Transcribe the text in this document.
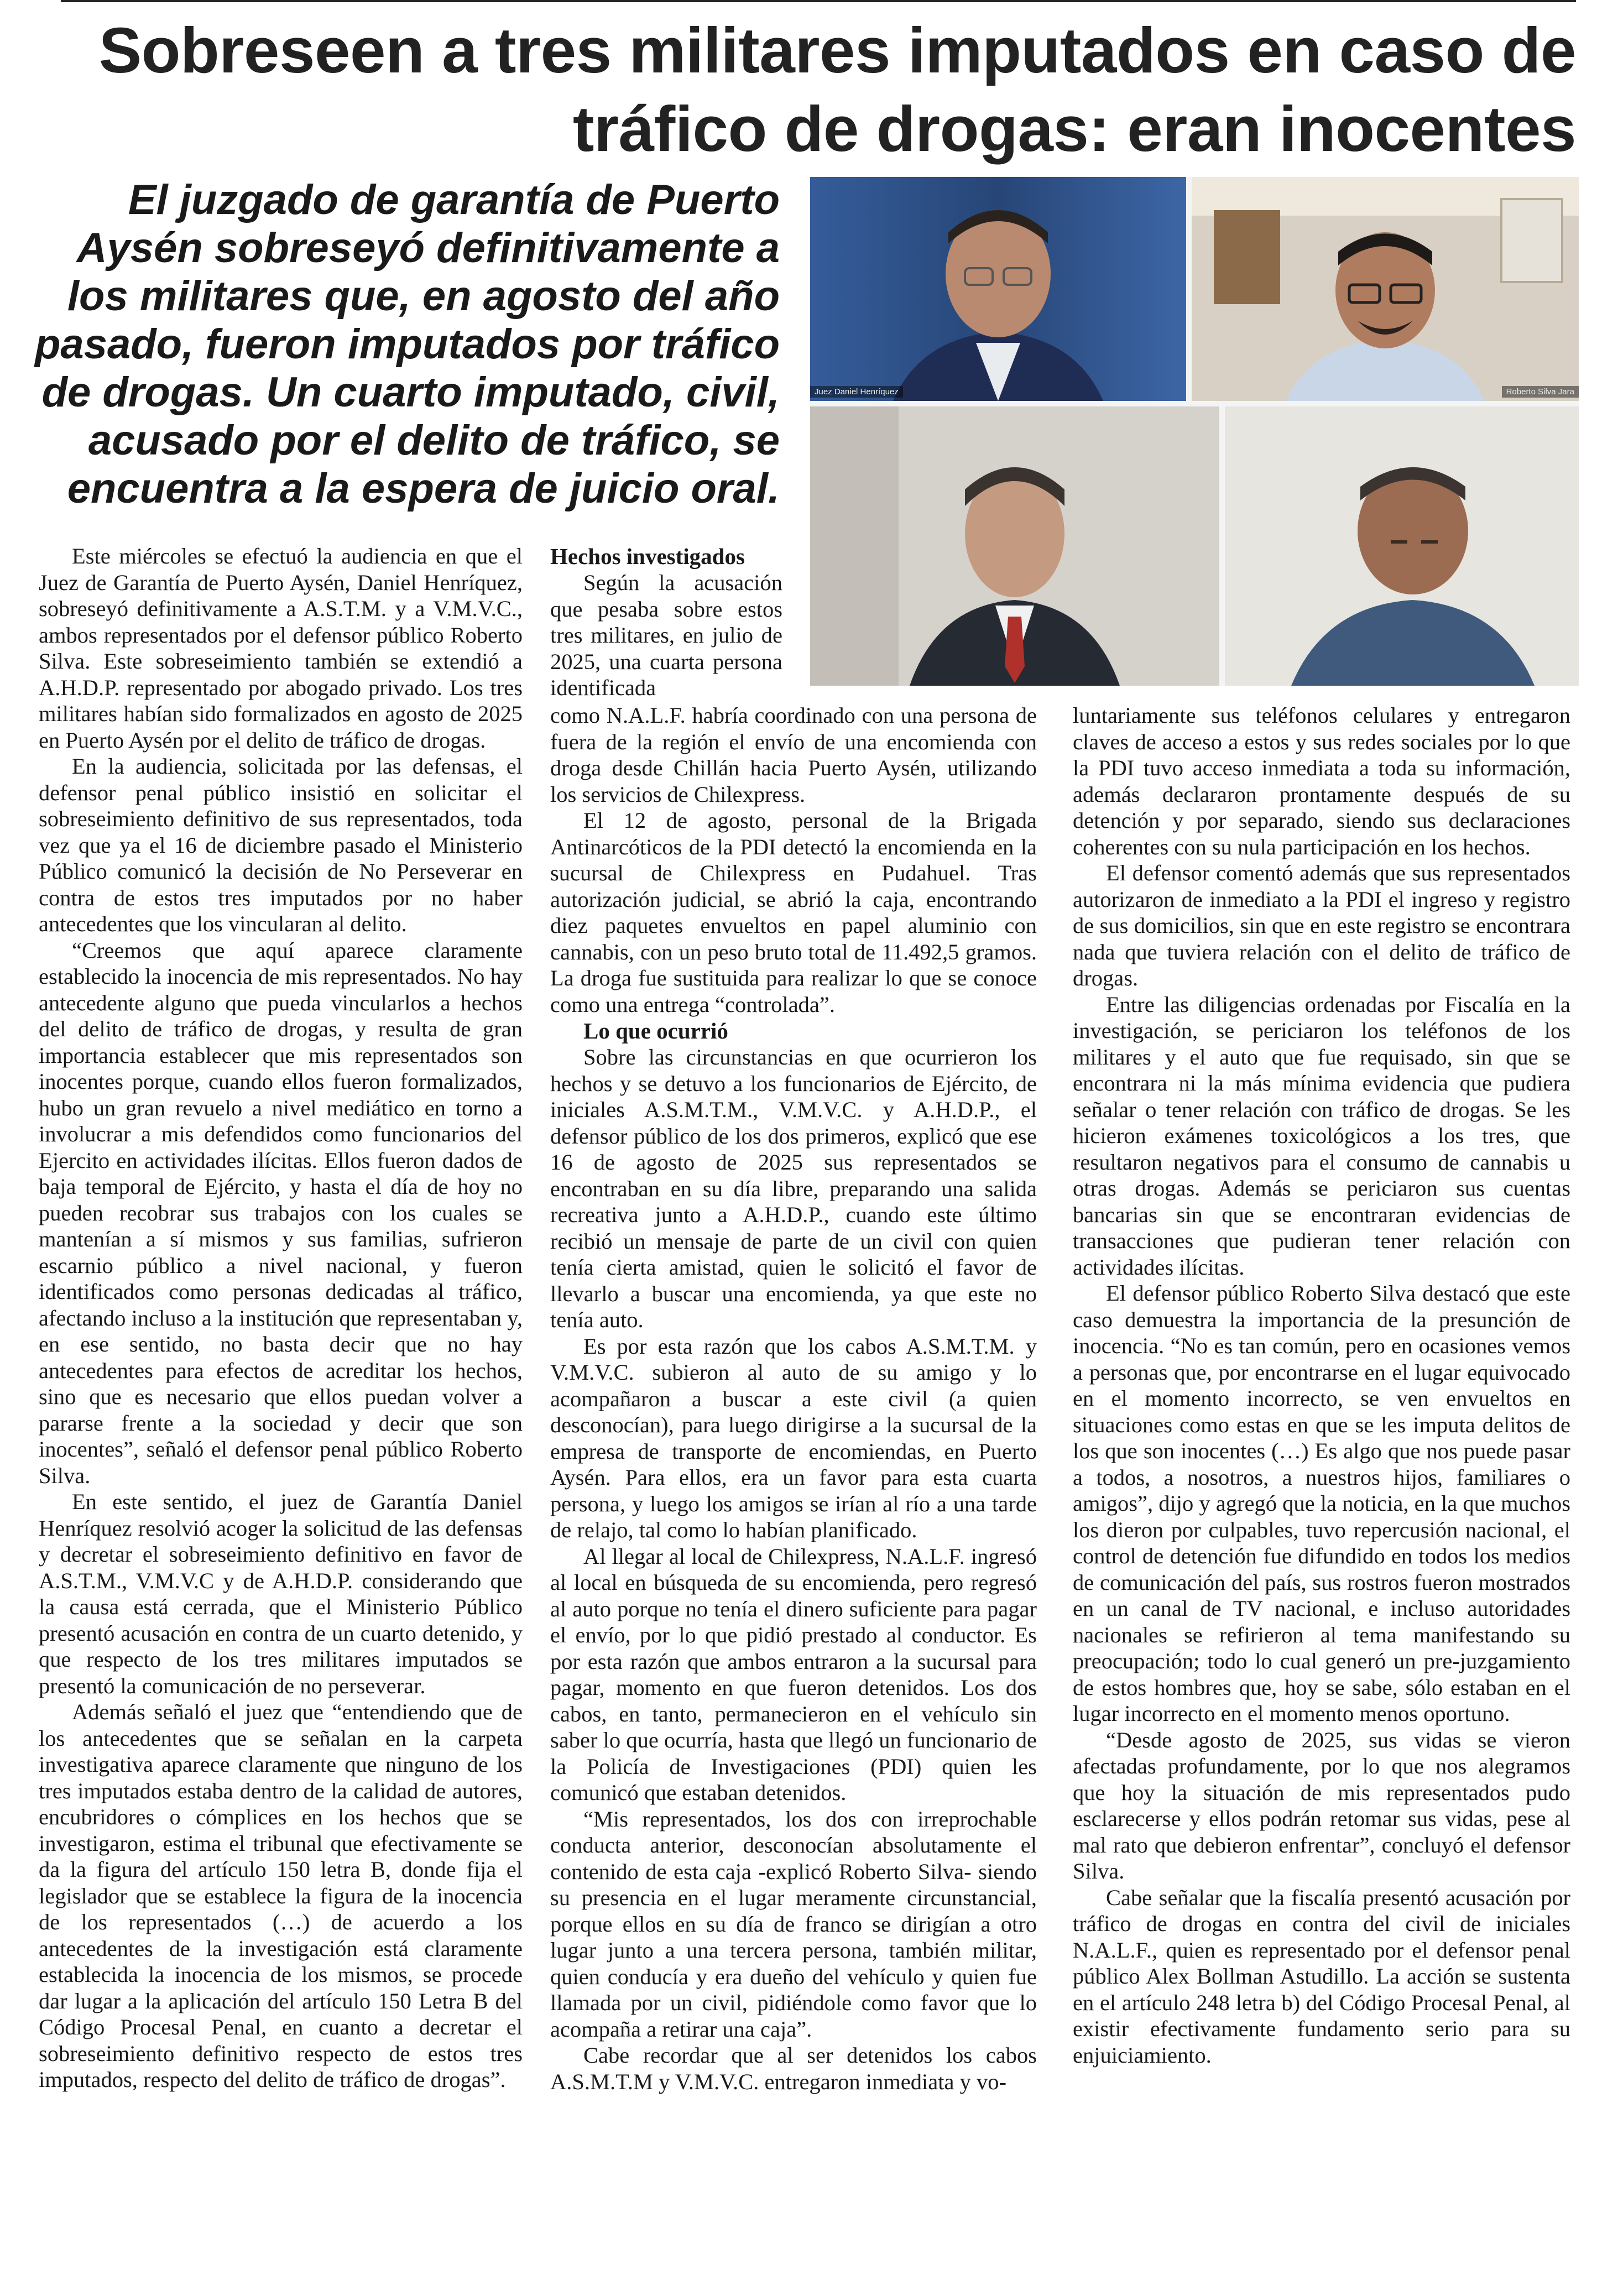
Sobreseen a tres militares imputados en caso de
tráfico de drogas: eran inocentes

El juzgado de garantía de Puerto Aysén sobreseyó definitivamente a los militares que, en agosto del año pasado, fueron imputados por tráfico de drogas. Un cuarto imputado, civil, acusado por el delito de tráfico, se encuentra a la espera de juicio oral.

Juez Daniel Henríquez	Roberto Silva Jara

Este miércoles se efectuó la audiencia en que el Juez de Garantía de Puerto Aysén, Daniel Henríquez, sobreseyó definitivamente a A.S.T.M. y a V.M.V.C., ambos representados por el defensor público Roberto Silva. Este sobreseimiento también se extendió a A.H.D.P. representado por abogado privado. Los tres militares habían sido formalizados en agosto de 2025 en Puerto Aysén por el delito de tráfico de drogas.

En la audiencia, solicitada por las defensas, el defensor penal público insistió en solicitar el sobreseimiento definitivo de sus representados, toda vez que ya el 16 de diciembre pasado el Ministerio Público comunicó la decisión de No Perseverar en contra de estos tres imputados por no haber antecedentes que los vincularan al delito.

“Creemos que aquí aparece claramente establecido la inocencia de mis representados. No hay antecedente alguno que pueda vincularlos a hechos del delito de tráfico de drogas, y resulta de gran importancia establecer que mis representados son inocentes porque, cuando ellos fueron formalizados, hubo un gran revuelo a nivel mediático en torno a involucrar a mis defendidos como funcionarios del Ejercito en actividades ilícitas. Ellos fueron dados de baja temporal de Ejército, y hasta el día de hoy no pueden recobrar sus trabajos con los cuales se mantenían a sí mismos y sus familias, sufrieron escarnio público a nivel nacional, y fueron identificados como personas dedicadas al tráfico, afectando incluso a la institución que representaban y, en ese sentido, no basta decir que no hay antecedentes para efectos de acreditar los hechos, sino que es necesario que ellos puedan volver a pararse frente a la sociedad y decir que son inocentes”, señaló el defensor penal público Roberto Silva.

En este sentido, el juez de Garantía Daniel Henríquez resolvió acoger la solicitud de las defensas y decretar el sobreseimiento definitivo en favor de A.S.T.M., V.M.V.C y de A.H.D.P. considerando que la causa está cerrada, que el Ministerio Público presentó acusación en contra de un cuarto detenido, y que respecto de los tres militares imputados se presentó la comunicación de no perseverar.

Además señaló el juez que “entendiendo que de los antecedentes que se señalan en la carpeta investigativa aparece claramente que ninguno de los tres imputados estaba dentro de la calidad de autores, encubridores o cómplices en los hechos que se investigaron, estima el tribunal que efectivamente se da la figura del artículo 150 letra B, donde fija el legislador que se establece la figura de la inocencia de los representados (…) de acuerdo a los antecedentes de la investigación está claramente establecida la inocencia de los mismos, se procede dar lugar a la aplicación del artículo 150 Letra B del Código Procesal Penal, en cuanto a decretar el sobreseimiento definitivo respecto de estos tres imputados, respecto del delito de tráfico de drogas”.

Hechos investigados

Según la acusación que pesaba sobre estos tres militares, en julio de 2025, una cuarta persona identificada

como N.A.L.F. habría coordinado con una persona de fuera de la región el envío de una encomienda con droga desde Chillán hacia Puerto Aysén, utilizando los servicios de Chilexpress.

El 12 de agosto, personal de la Brigada Antinarcóticos de la PDI detectó la encomienda en la sucursal de Chilexpress en Pudahuel. Tras autorización judicial, se abrió la caja, encontrando diez paquetes envueltos en papel aluminio con cannabis, con un peso bruto total de 11.492,5 gramos. La droga fue sustituida para realizar lo que se conoce como una entrega “controlada”.

Lo que ocurrió

Sobre las circunstancias en que ocurrieron los hechos y se detuvo a los funcionarios de Ejército, de iniciales A.S.M.T.M., V.M.V.C. y A.H.D.P., el defensor público de los dos primeros, explicó que ese 16 de agosto de 2025 sus representados se encontraban en su día libre, preparando una salida recreativa junto a A.H.D.P., cuando este último recibió un mensaje de parte de un civil con quien tenía cierta amistad, quien le solicitó el favor de llevarlo a buscar una encomienda, ya que este no tenía auto.

Es por esta razón que los cabos A.S.M.T.M. y V.M.V.C. subieron al auto de su amigo y lo acompañaron a buscar a este civil (a quien desconocían), para luego dirigirse a la sucursal de la empresa de transporte de encomiendas, en Puerto Aysén. Para ellos, era un favor para esta cuarta persona, y luego los amigos se irían al río a una tarde de relajo, tal como lo habían planificado.

Al llegar al local de Chilexpress, N.A.L.F. ingresó al local en búsqueda de su encomienda, pero regresó al auto porque no tenía el dinero suficiente para pagar el envío, por lo que pidió prestado al conductor. Es por esta razón que ambos entraron a la sucursal para pagar, momento en que fueron detenidos. Los dos cabos, en tanto, permanecieron en el vehículo sin saber lo que ocurría, hasta que llegó un funcionario de la Policía de Investigaciones (PDI) quien les comunicó que estaban detenidos.

“Mis representados, los dos con irreprochable conducta anterior, desconocían absolutamente el contenido de esta caja -explicó Roberto Silva- siendo su presencia en el lugar meramente circunstancial, porque ellos en su día de franco se dirigían a otro lugar junto a una tercera persona, también militar, quien conducía y era dueño del vehículo y quien fue llamada por un civil, pidiéndole como favor que lo acompaña a retirar una caja”.

Cabe recordar que al ser detenidos los cabos A.S.M.T.M y V.M.V.C. entregaron inmediata y vo-

luntariamente sus teléfonos celulares y entregaron claves de acceso a estos y sus redes sociales por lo que la PDI tuvo acceso inmediata a toda su información, además declararon prontamente después de su detención y por separado, siendo sus declaraciones coherentes con su nula participación en los hechos.

El defensor comentó además que sus representados autorizaron de inmediato a la PDI el ingreso y registro de sus domicilios, sin que en este registro se encontrara nada que tuviera relación con el delito de tráfico de drogas.

Entre las diligencias ordenadas por Fiscalía en la investigación, se periciaron los teléfonos de los militares y el auto que fue requisado, sin que se encontrara ni la más mínima evidencia que pudiera señalar o tener relación con tráfico de drogas. Se les hicieron exámenes toxicológicos a los tres, que resultaron negativos para el consumo de cannabis u otras drogas. Además se periciaron sus cuentas bancarias sin que se encontraran evidencias de transacciones que pudieran tener relación con actividades ilícitas.

El defensor público Roberto Silva destacó que este caso demuestra la importancia de la presunción de inocencia. “No es tan común, pero en ocasiones vemos a personas que, por encontrarse en el lugar equivocado en el momento incorrecto, se ven envueltos en situaciones como estas en que se les imputa delitos de los que son inocentes (…) Es algo que nos puede pasar a todos, a nosotros, a nuestros hijos, familiares o amigos”, dijo y agregó que la noticia, en la que muchos los dieron por culpables, tuvo repercusión nacional, el control de detención fue difundido en todos los medios de comunicación del país, sus rostros fueron mostrados en un canal de TV nacional, e incluso autoridades nacionales se refirieron al tema manifestando su preocupación; todo lo cual generó un pre-juzgamiento de estos hombres que, hoy se sabe, sólo estaban en el lugar incorrecto en el momento menos oportuno.

“Desde agosto de 2025, sus vidas se vieron afectadas profundamente, por lo que nos alegramos que hoy la situación de mis representados pudo esclarecerse y ellos podrán retomar sus vidas, pese al mal rato que debieron enfrentar”, concluyó el defensor Silva.

Cabe señalar que la fiscalía presentó acusación por tráfico de drogas en contra del civil de iniciales N.A.L.F., quien es representado por el defensor penal público Alex Bollman Astudillo. La acción se sustenta en el artículo 248 letra b) del Código Procesal Penal, al existir efectivamente fundamento serio para su enjuiciamiento.
